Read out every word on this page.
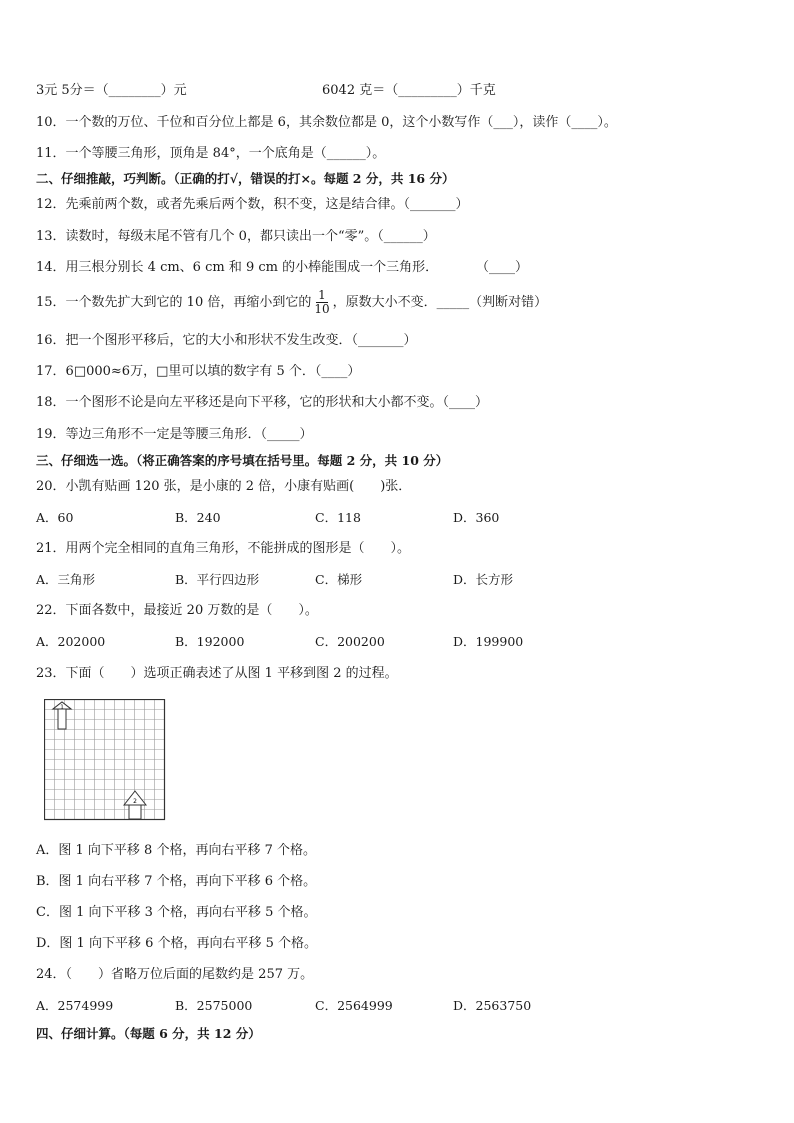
3元 5分＝（________）元	6042 克＝（_________）千克
10．一个数的万位、千位和百分位上都是 6，其余数位都是 0，这个小数写作（___），读作（____）。
11．一个等腰三角形，顶角是 84°，一个底角是（______）。
二、仔细推敲，巧判断。（正确的打√，错误的打×。每题 2 分，共 16 分）
12．先乘前两个数，或者先乘后两个数，积不变，这是结合律。（_______）
13．读数时，每级末尾不管有几个 0，都只读出一个“零”。（______）
14．用三根分别长 4 cm、6 cm 和 9 cm 的小棒能围成一个三角形．	（____）
15．一个数先扩大到它的 10 倍，再缩小到它的 $\frac{1}{10}$ ，原数大小不变．_____（判断对错）
16．把一个图形平移后，它的大小和形状不发生改变．（_______）
17．6□000≈6万，□里可以填的数字有 5 个．（____）
18．一个图形不论是向左平移还是向下平移，它的形状和大小都不变。（____）
19．等边三角形不一定是等腰三角形．（_____）
三、仔细选一选。（将正确答案的序号填在括号里。每题 2 分，共 10 分）
20．小凯有贴画 120 张，是小康的 2 倍，小康有贴画(　　)张．
A．60	B．240	C．118	D．360
21．用两个完全相同的直角三角形，不能拼成的图形是（　　）。
A．三角形	B．平行四边形	C．梯形	D．长方形
22．下面各数中，最接近 20 万数的是（　　）。
A．202000	B．192000	C．200200	D．199900
23．下面（　　）选项正确表述了从图 1 平移到图 2 的过程。
1
2
A．图 1 向下平移 8 个格，再向右平移 7 个格。
B．图 1 向右平移 7 个格，再向下平移 6 个格。
C．图 1 向下平移 3 个格，再向右平移 5 个格。
D．图 1 向下平移 6 个格，再向右平移 5 个格。
24．（　　）省略万位后面的尾数约是 257 万。
A．2574999	B．2575000	C．2564999	D．2563750
四、仔细计算。（每题 6 分，共 12 分）
